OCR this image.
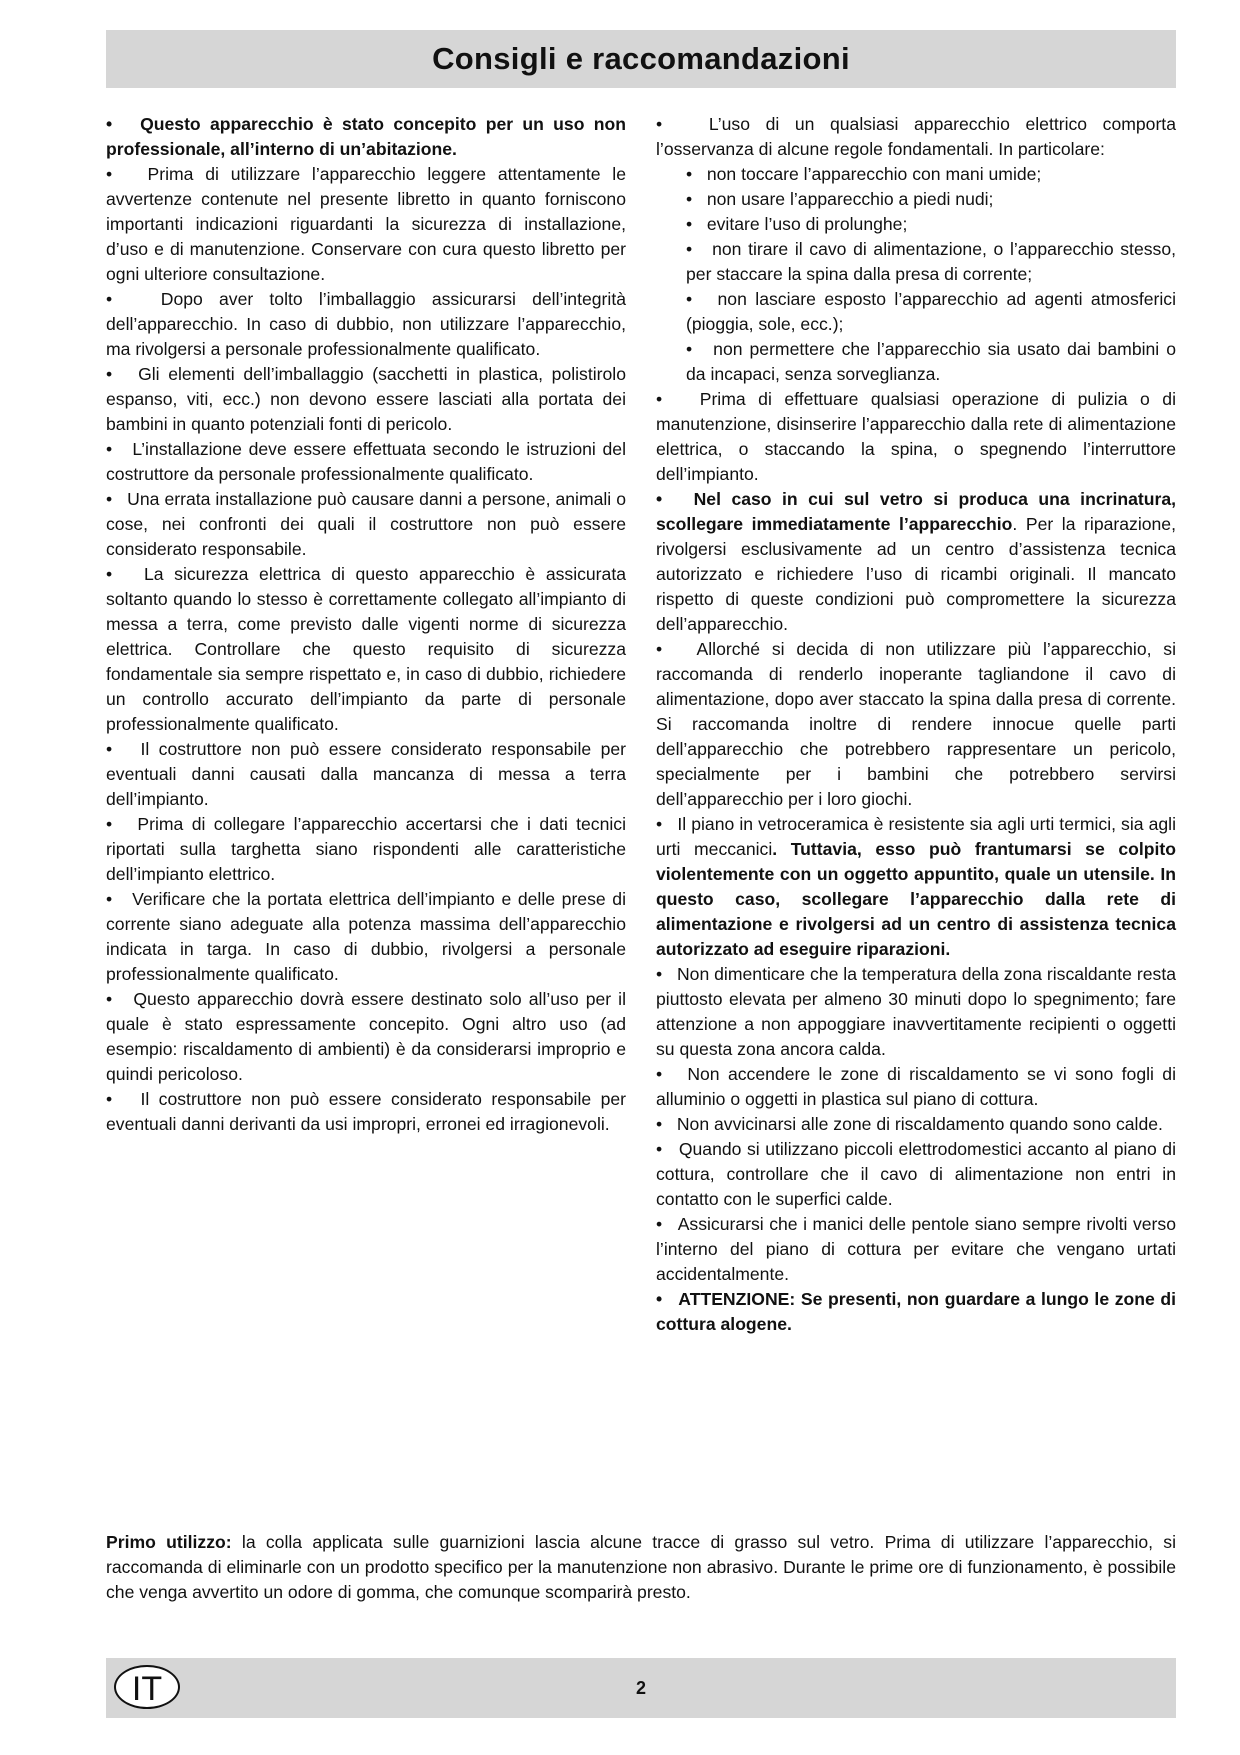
Consigli e raccomandazioni

• Questo apparecchio è stato concepito per un uso non professionale, all’interno di un’abitazione.

• Prima di utilizzare l’apparecchio leggere attentamente le avvertenze contenute nel presente libretto in quanto forniscono importanti indicazioni riguardanti la sicurezza di installazione, d’uso e di manutenzione. Conservare con cura questo libretto per ogni ulteriore consultazione.

•	Dopo aver tolto l’imballaggio assicurarsi dell’integrità dell’apparecchio. In caso di dubbio, non utilizzare l’apparecchio, ma rivolgersi a personale professionalmente qualificato.

• Gli elementi dell’imballaggio (sacchetti in plastica, polistirolo espanso, viti, ecc.) non devono essere lasciati alla portata dei bambini in quanto potenziali fonti di pericolo.

• L’installazione deve essere effettuata secondo le istruzioni del costruttore da personale professionalmente qualificato.

• Una errata installazione può causare danni a persone, animali o cose, nei confronti dei quali il costruttore non può essere considerato responsabile.

• La sicurezza elettrica di questo apparecchio è assicurata soltanto quando lo stesso è correttamente collegato all’impianto di messa a terra, come previsto dalle vigenti norme di sicurezza elettrica. Controllare che questo requisito di sicurezza fondamentale sia sempre rispettato e, in caso di dubbio, richiedere un controllo accurato dell’impianto da parte di personale professionalmente qualificato.

• Il costruttore non può essere considerato responsabile per eventuali danni causati dalla mancanza di messa a terra dell’impianto.

• Prima di collegare l’apparecchio accertarsi che i dati tecnici riportati sulla targhetta siano rispondenti alle caratteristiche dell’impianto elettrico.

• Verificare che la portata elettrica dell’impianto e delle prese di corrente siano adeguate alla potenza massima dell’apparecchio indicata in targa. In caso di dubbio, rivolgersi a personale professionalmente qualificato.

• Questo apparecchio dovrà essere destinato solo all’uso per il quale è stato espressamente concepito. Ogni altro uso (ad esempio: riscaldamento di ambienti) è da considerarsi improprio e quindi pericoloso.

• Il costruttore non può essere considerato responsabile per eventuali danni derivanti da usi impropri, erronei ed irragionevoli.

•	L’uso di un qualsiasi apparecchio elettrico comporta l’osservanza di alcune regole fondamentali. In particolare:

• non toccare l’apparecchio con mani umide;

• non usare l’apparecchio a piedi nudi;

• evitare l’uso di prolunghe;

• non tirare il cavo di alimentazione, o l’apparecchio stesso, per staccare la spina dalla presa di corrente;

• non lasciare esposto l’apparecchio ad agenti atmosferici (pioggia, sole, ecc.);

• non permettere che l’apparecchio sia usato dai bambini o da incapaci, senza sorveglianza.

• Prima di effettuare qualsiasi operazione di pulizia o di manutenzione, disinserire l’apparecchio dalla rete di alimentazione elettrica, o staccando la spina, o spegnendo l’interruttore dell’impianto.

• Nel caso in cui sul vetro si produca una incrinatura, scollegare immediatamente l’apparecchio. Per la riparazione, rivolgersi esclusivamente ad un centro d’assistenza tecnica autorizzato e richiedere l’uso di ricambi originali. Il mancato rispetto di queste condizioni può compromettere la sicurezza dell’apparecchio.

• Allorché si decida di non utilizzare più l’apparecchio, si raccomanda di renderlo inoperante tagliandone il cavo di alimentazione, dopo aver staccato la spina dalla presa di corrente. Si raccomanda inoltre di rendere innocue quelle parti dell’apparecchio che potrebbero rappresentare un pericolo, specialmente per i bambini che potrebbero servirsi dell’apparecchio per i loro giochi.

• Il piano in vetroceramica è resistente sia agli urti termici, sia agli urti meccanici. Tuttavia, esso può frantumarsi se colpito violentemente con un oggetto appuntito, quale un utensile. In questo caso, scollegare l’apparecchio dalla rete di alimentazione e rivolgersi ad un centro di assistenza tecnica autorizzato ad eseguire riparazioni.

• Non dimenticare che la temperatura della zona riscaldante resta piuttosto elevata per almeno 30 minuti dopo lo spegnimento; fare attenzione a non appoggiare inavvertitamente recipienti o oggetti su questa zona ancora calda.

• Non accendere le zone di riscaldamento se vi sono fogli di alluminio o oggetti in plastica sul piano di cottura.

• Non avvicinarsi alle zone di riscaldamento quando sono calde.

• Quando si utilizzano piccoli elettrodomestici accanto al piano di cottura, controllare che il cavo di alimentazione non entri in contatto con le superfici calde.

• Assicurarsi che i manici delle pentole siano sempre rivolti verso l’interno del piano di cottura per evitare che vengano urtati accidentalmente.

• ATTENZIONE: Se presenti, non guardare a lungo le zone di cottura alogene.

Primo utilizzo: la colla applicata sulle guarnizioni lascia alcune tracce di grasso sul vetro. Prima di utilizzare l’apparecchio, si raccomanda di eliminarle con un prodotto specifico per la manutenzione non abrasivo. Durante le prime ore di funzionamento, è possibile che venga avvertito un odore di gomma, che comunque scomparirà presto.
IT	2
